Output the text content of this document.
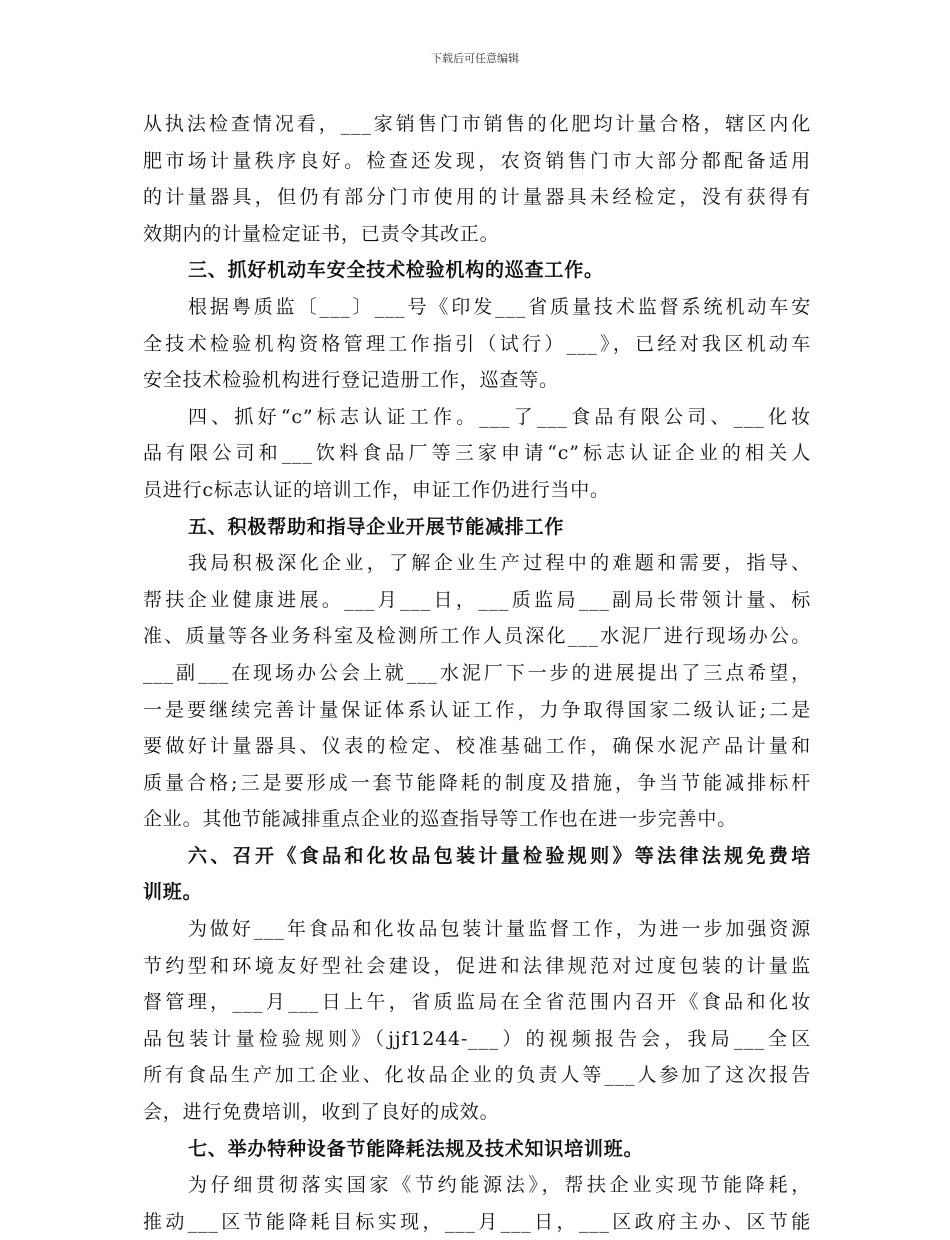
下载后可任意编辑

从执法检查情况看，___家销售门市销售的化肥均计量合格，辖区内化
肥市场计量秩序良好。检查还发现，农资销售门市大部分都配备适用
的计量器具，但仍有部分门市使用的计量器具未经检定，没有获得有
效期内的计量检定证书，已责令其改正。

三、抓好机动车安全技术检验机构的巡查工作。

根据粤质监〔___〕___号《印发___省质量技术监督系统机动车安
全技术检验机构资格管理工作指引（试行）___》，已经对我区机动车
安全技术检验机构进行登记造册工作，巡查等。

四、抓好“c”标志认证工作。___了___食品有限公司、___化妆
品有限公司和___饮料食品厂等三家申请“c”标志认证企业的相关人
员进行c标志认证的培训工作，申证工作仍进行当中。

五、积极帮助和指导企业开展节能减排工作

我局积极深化企业，了解企业生产过程中的难题和需要，指导、
帮扶企业健康进展。___月___日，___质监局___副局长带领计量、标
准、质量等各业务科室及检测所工作人员深化___水泥厂进行现场办公。
___副___在现场办公会上就___水泥厂下一步的进展提出了三点希望，
一是要继续完善计量保证体系认证工作，力争取得国家二级认证;二是
要做好计量器具、仪表的检定、校准基础工作，确保水泥产品计量和
质量合格;三是要形成一套节能降耗的制度及措施，争当节能减排标杆
企业。其他节能减排重点企业的巡查指导等工作也在进一步完善中。

六、召开《食品和化妆品包装计量检验规则》等法律法规免费培
训班。

为做好___年食品和化妆品包装计量监督工作，为进一步加强资源
节约型和环境友好型社会建设，促进和法律规范对过度包装的计量监
督管理，___月___日上午，省质监局在全省范围内召开《食品和化妆
品包装计量检验规则》（jjf1244-___）的视频报告会，我局___全区
所有食品生产加工企业、化妆品企业的负责人等___人参加了这次报告
会，进行免费培训，收到了良好的成效。

七、举办特种设备节能降耗法规及技术知识培训班。

为仔细贯彻落实国家《节约能源法》，帮扶企业实现节能降耗，
推动___区节能降耗目标实现，___月___日，___区政府主办、区节能
